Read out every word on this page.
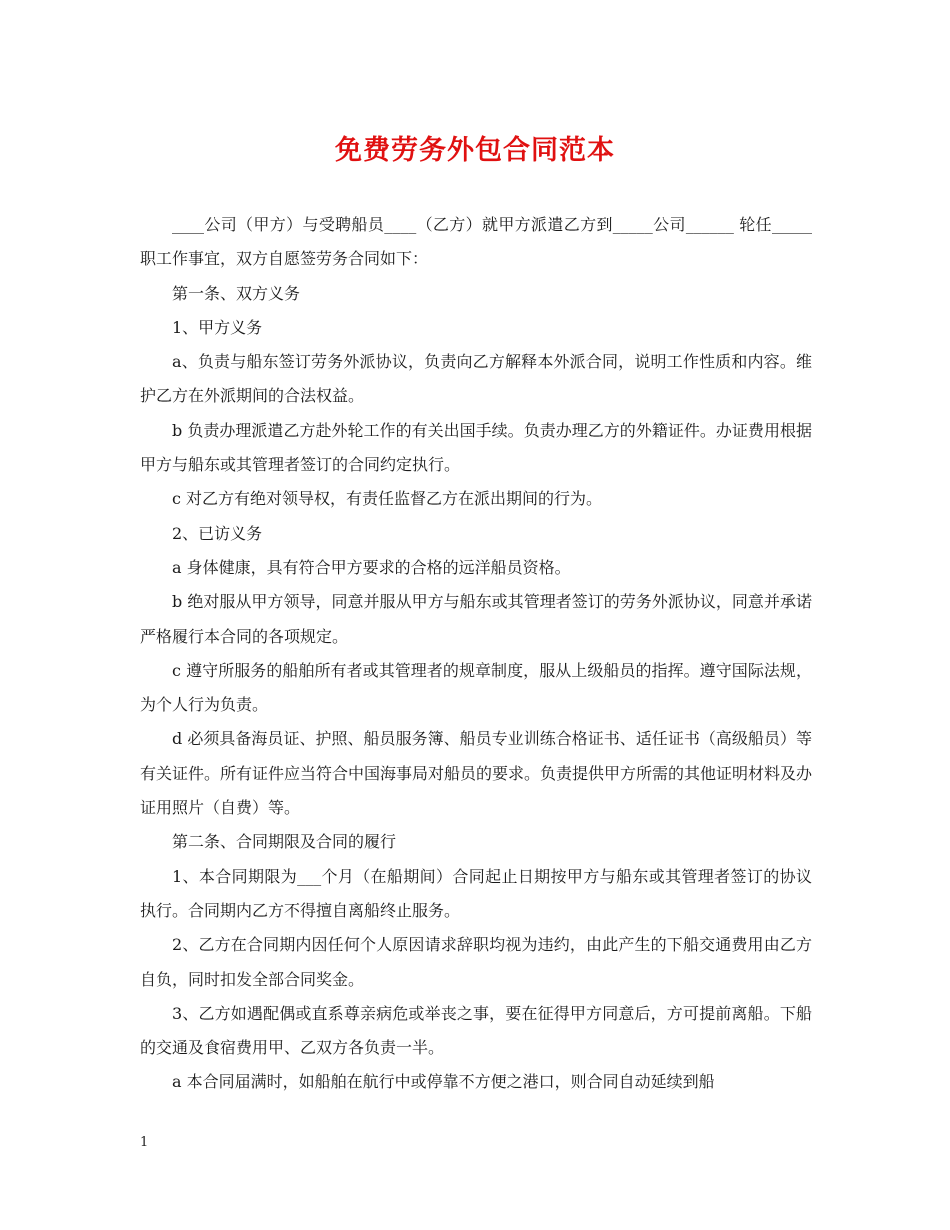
免费劳务外包合同范本

____公司（甲方）与受聘船员____（乙方）就甲方派遣乙方到_____公司______ 轮任_____职工作事宜，双方自愿签劳务合同如下：

第一条、双方义务

1、甲方义务

a、负责与船东签订劳务外派协议，负责向乙方解释本外派合同，说明工作性质和内容。维护乙方在外派期间的合法权益。

b 负责办理派遣乙方赴外轮工作的有关出国手续。负责办理乙方的外籍证件。办证费用根据甲方与船东或其管理者签订的合同约定执行。

c 对乙方有绝对领导权，有责任监督乙方在派出期间的行为。

2、已访义务

a 身体健康，具有符合甲方要求的合格的远洋船员资格。

b 绝对服从甲方领导，同意并服从甲方与船东或其管理者签订的劳务外派协议，同意并承诺严格履行本合同的各项规定。

c 遵守所服务的船舶所有者或其管理者的规章制度，服从上级船员的指挥。遵守国际法规，为个人行为负责。

d 必须具备海员证、护照、船员服务簿、船员专业训练合格证书、适任证书（高级船员）等有关证件。所有证件应当符合中国海事局对船员的要求。负责提供甲方所需的其他证明材料及办证用照片（自费）等。

第二条、合同期限及合同的履行

1、本合同期限为___个月（在船期间）合同起止日期按甲方与船东或其管理者签订的协议执行。合同期内乙方不得擅自离船终止服务。

2、乙方在合同期内因任何个人原因请求辞职均视为违约，由此产生的下船交通费用由乙方自负，同时扣发全部合同奖金。

3、乙方如遇配偶或直系尊亲病危或举丧之事，要在征得甲方同意后，方可提前离船。下船的交通及食宿费用甲、乙双方各负责一半。

a 本合同届满时，如船舶在航行中或停靠不方便之港口，则合同自动延续到船

1
